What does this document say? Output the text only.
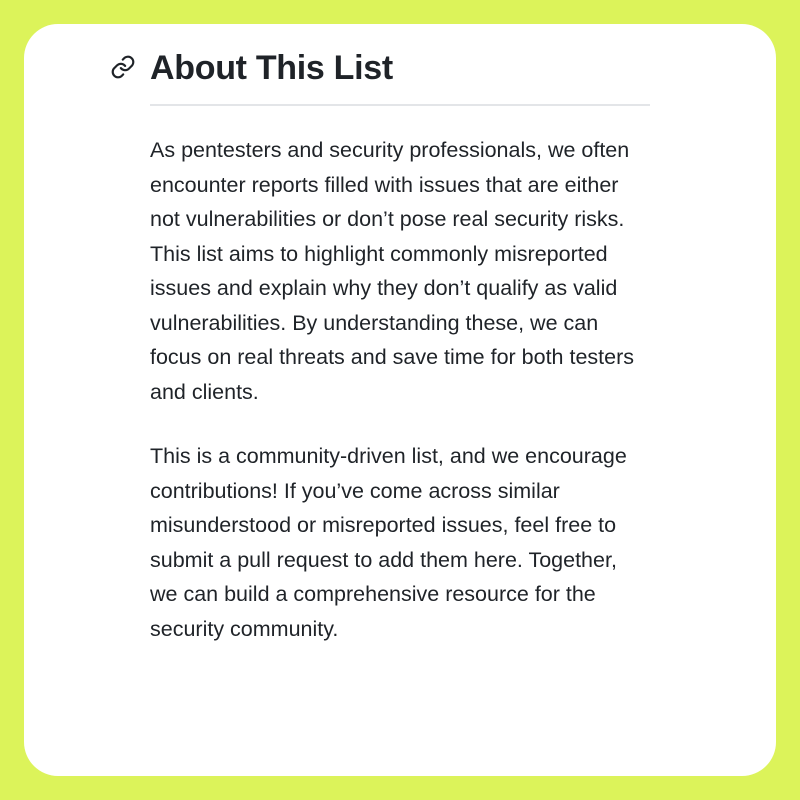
About This List

As pentesters and security professionals, we often encounter reports filled with issues that are either not vulnerabilities or don’t pose real security risks. This list aims to highlight commonly misreported issues and explain why they don’t qualify as valid vulnerabilities. By understanding these, we can focus on real threats and save time for both testers and clients.

This is a community-driven list, and we encourage contributions! If you’ve come across similar misunderstood or misreported issues, feel free to submit a pull request to add them here. Together, we can build a comprehensive resource for the security community.
